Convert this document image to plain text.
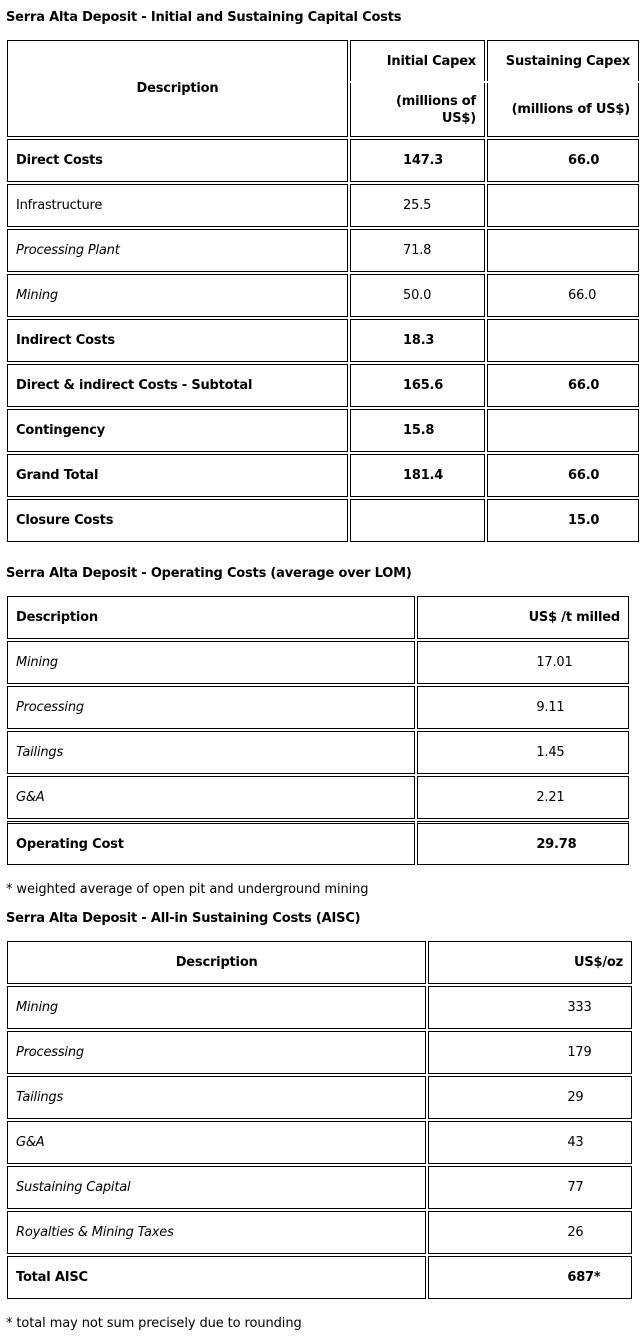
Serra Alta Deposit - Initial and Sustaining Capital Costs
Description	Initial Capex	Sustaining Capex
	(millions of US$)	(millions of US$)
Direct Costs	147.3	66.0
Infrastructure	25.5	
Processing Plant	71.8	
Mining	50.0	66.0
Indirect Costs	18.3	
Direct & indirect Costs - Subtotal	165.6	66.0
Contingency	15.8	
Grand Total	181.4	66.0
Closure Costs		15.0
Serra Alta Deposit - Operating Costs (average over LOM)
Description	US$ /t milled
Mining	17.01
Processing	9.11
Tailings	1.45
G&A	2.21
Operating Cost	29.78
* weighted average of open pit and underground mining
Serra Alta Deposit - All-in Sustaining Costs (AISC)
Description	US$/oz
Mining	333
Processing	179
Tailings	29
G&A	43
Sustaining Capital	77
Royalties & Mining Taxes	26
Total AISC	687*
* total may not sum precisely due to rounding
